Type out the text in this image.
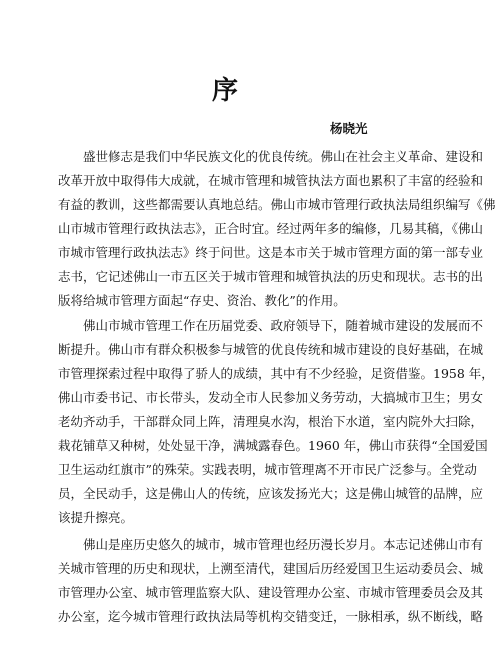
序
杨晓光
盛世修志是我们中华民族文化的优良传统。佛山在社会主义革命、建设和
改革开放中取得伟大成就，在城市管理和城管执法方面也累积了丰富的经验和
有益的教训，这些都需要认真地总结。佛山市城市管理行政执法局组织编写《佛
山市城市管理行政执法志》，正合时宜。经过两年多的编修，几易其稿，《佛山
市城市管理行政执法志》终于问世。这是本市关于城市管理方面的第一部专业
志书，它记述佛山一市五区关于城市管理和城管执法的历史和现状。志书的出
版将给城市管理方面起“存史、资治、教化”的作用。
佛山市城市管理工作在历届党委、政府领导下，随着城市建设的发展而不
断提升。佛山市有群众积极参与城管的优良传统和城市建设的良好基础，在城
市管理探索过程中取得了骄人的成绩，其中有不少经验，足资借鉴。1958 年，
佛山市委书记、市长带头，发动全市人民参加义务劳动，大搞城市卫生；男女
老幼齐动手，干部群众同上阵，清理臭水沟，根治下水道，室内院外大扫除，
栽花铺草又种树，处处显干净，满城露春色。1960 年，佛山市获得“全国爱国
卫生运动红旗市”的殊荣。实践表明，城市管理离不开市民广泛参与。全党动
员，全民动手，这是佛山人的传统，应该发扬光大；这是佛山城管的品牌，应
该提升擦亮。
佛山是座历史悠久的城市，城市管理也经历漫长岁月。本志记述佛山市有
关城市管理的历史和现状，上溯至清代，建国后历经爱国卫生运动委员会、城
市管理办公室、城市管理监察大队、建设管理办公室、市城市管理委员会及其
办公室，迄今城市管理行政执法局等机构交错变迁，一脉相承，纵不断线，略
